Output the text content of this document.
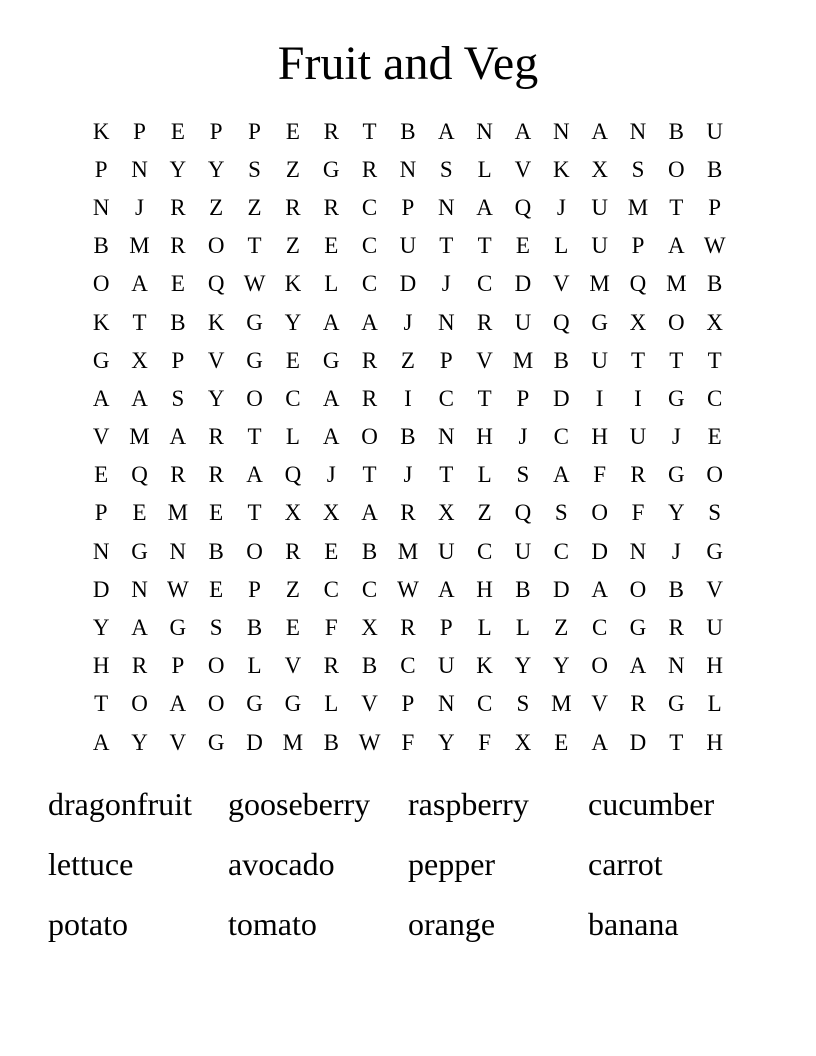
Fruit and Veg
K	P	E	P	P	E	R	T	B A N A N A N B U
P	N Y Y	S	Z	G R N	S	L	V K X	S	O B
N	J	R	Z	Z	R	R	C	P	N A Q	J	U M T	P
B M R O	T	Z	E	C U	T	T	E	L	U	P	A W
O A	E	Q W K	L	C D	J	C D V M Q M B
K	T	B K G Y A A	J	N R U Q G X O X
G X	P	V G	E	G R	Z	P	V M B U	T	T	T
A A	S	Y O C A R	I	C	T	P	D	I	I	G C
V M A R	T	L	A O B N H	J	C H U	J	E
E	Q R	R A Q	J	T	J	T	L	S	A	F	R G O
P	E M E	T	X X A R X	Z	Q	S	O	F	Y	S
N G N B O R	E	B M U C U C D N	J	G
D N W E	P	Z	C	C W A H B D A O B V
Y A G	S	B	E	F	X R	P	L	L	Z	C G R U
H R	P	O	L	V R	B	C U K Y Y O A N H
T	O A O G G	L	V	P	N C	S M V R G	L
A Y V G D M B W F	Y	F	X	E	A D	T	H
dragonfruit	gooseberry	raspberry	cucumber
lettuce	avocado	pepper	carrot
potato	tomato	orange	banana
